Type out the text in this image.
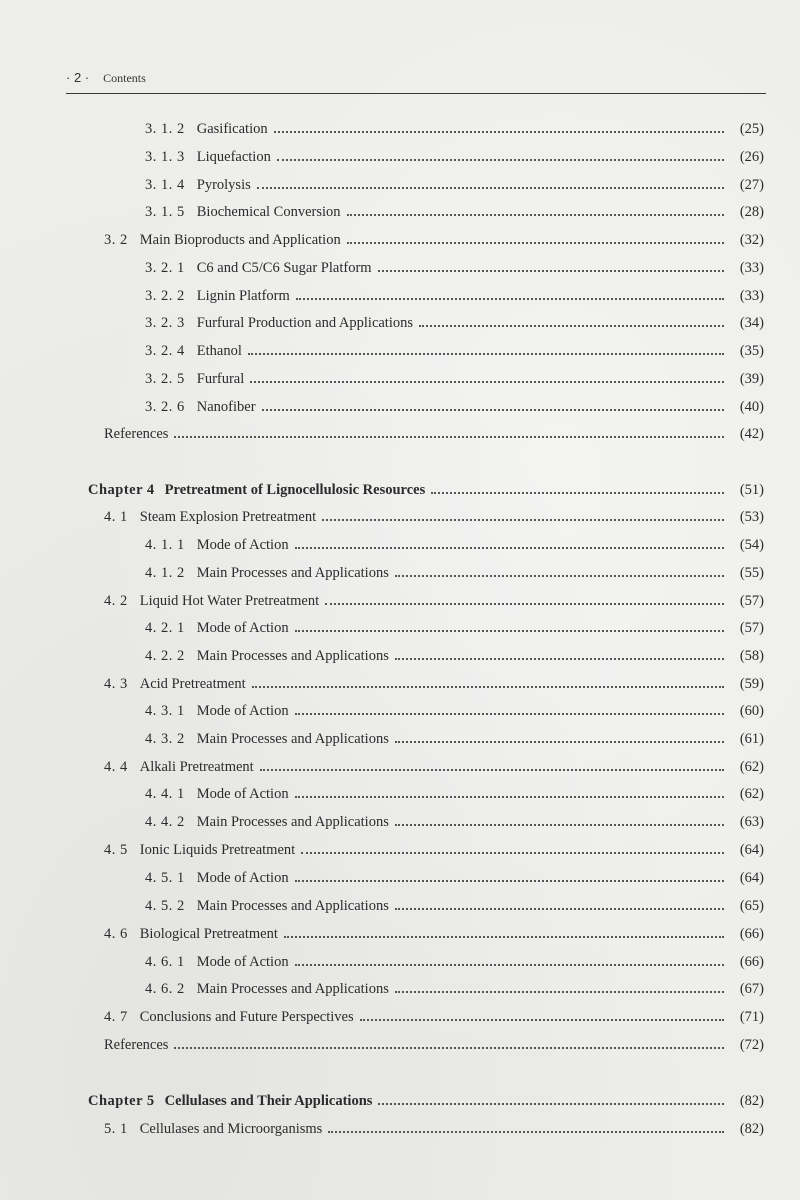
· 2 · Contents
3. 1. 2 Gasification	(25)
3. 1. 3 Liquefaction	(26)
3. 1. 4 Pyrolysis	(27)
3. 1. 5 Biochemical Conversion	(28)
3. 2 Main Bioproducts and Application	(32)
3. 2. 1 C6 and C5/C6 Sugar Platform	(33)
3. 2. 2 Lignin Platform	(33)
3. 2. 3 Furfural Production and Applications	(34)
3. 2. 4 Ethanol	(35)
3. 2. 5 Furfural	(39)
3. 2. 6 Nanofiber	(40)
References	(42)
Chapter 4 Pretreatment of Lignocellulosic Resources	(51)
4. 1 Steam Explosion Pretreatment	(53)
4. 1. 1 Mode of Action	(54)
4. 1. 2 Main Processes and Applications	(55)
4. 2 Liquid Hot Water Pretreatment	(57)
4. 2. 1 Mode of Action	(57)
4. 2. 2 Main Processes and Applications	(58)
4. 3 Acid Pretreatment	(59)
4. 3. 1 Mode of Action	(60)
4. 3. 2 Main Processes and Applications	(61)
4. 4 Alkali Pretreatment	(62)
4. 4. 1 Mode of Action	(62)
4. 4. 2 Main Processes and Applications	(63)
4. 5 Ionic Liquids Pretreatment	(64)
4. 5. 1 Mode of Action	(64)
4. 5. 2 Main Processes and Applications	(65)
4. 6 Biological Pretreatment	(66)
4. 6. 1 Mode of Action	(66)
4. 6. 2 Main Processes and Applications	(67)
4. 7 Conclusions and Future Perspectives	(71)
References	(72)
Chapter 5 Cellulases and Their Applications	(82)
5. 1 Cellulases and Microorganisms	(82)
